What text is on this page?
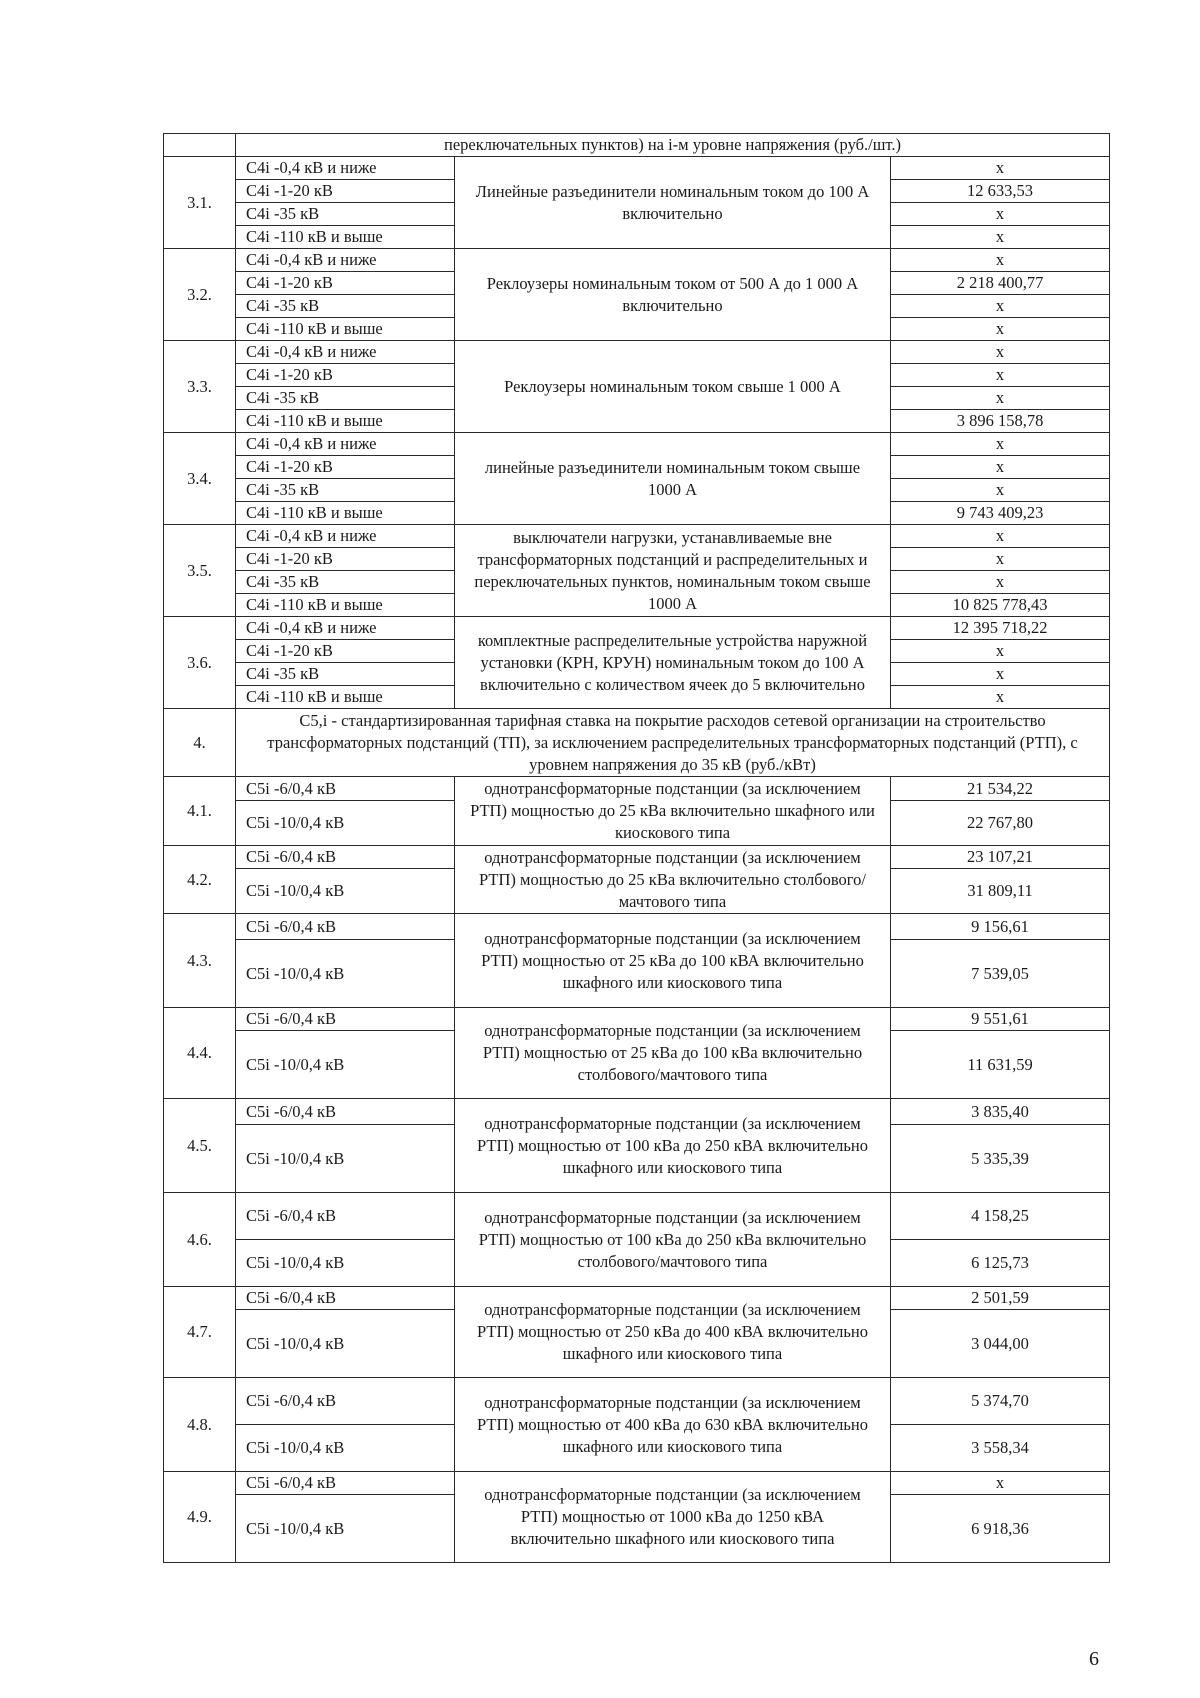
	переключательных пунктов) на i-м уровне напряжения (руб./шт.)		
3.1.	C4i -0,4 кВ и ниже	Линейные разъединители номинальным током до 100 А включительно	x
	C4i -1-20 кВ		12 633,53
	C4i -35 кВ		x
	C4i -110 кВ и выше		x
3.2.	C4i -0,4 кВ и ниже	Реклоузеры номинальным током от 500 А до 1 000 А включительно	x
	C4i -1-20 кВ		2 218 400,77
	C4i -35 кВ		x
	C4i -110 кВ и выше		x
3.3.	C4i -0,4 кВ и ниже	Реклоузеры номинальным током свыше 1 000 А	x
	C4i -1-20 кВ		x
	C4i -35 кВ		x
	C4i -110 кВ и выше		3 896 158,78
3.4.	C4i -0,4 кВ и ниже	линейные разъединители номинальным током свыше 1000 А	x
	C4i -1-20 кВ		x
	C4i -35 кВ		x
	C4i -110 кВ и выше		9 743 409,23
3.5.	C4i -0,4 кВ и ниже	выключатели нагрузки, устанавливаемые вне трансформаторных подстанций и распределительных и переключательных пунктов, номинальным током свыше 1000 А	x
	C4i -1-20 кВ		x
	C4i -35 кВ		x
	C4i -110 кВ и выше		10 825 778,43
3.6.	C4i -0,4 кВ и ниже	комплектные распределительные устройства наружной установки (КРН, КРУН) номинальным током до 100 А включительно с количеством ячеек до 5 включительно	12 395 718,22
	C4i -1-20 кВ		x
	C4i -35 кВ		x
	C4i -110 кВ и выше		x
4.	C5,i - стандартизированная тарифная ставка на покрытие расходов сетевой организации на строительство трансформаторных подстанций (ТП), за исключением распределительных трансформаторных подстанций (РТП), с уровнем напряжения до 35 кВ (руб./кВт)		
4.1.	C5i -6/0,4 кВ	однотрансформаторные подстанции (за исключением РТП) мощностью до 25 кВа включительно шкафного или киоскового типа	21 534,22
	C5i -10/0,4 кВ		22 767,80
4.2.	C5i -6/0,4 кВ	однотрансформаторные подстанции (за исключением РТП) мощностью до 25 кВа включительно столбового/мачтового типа	23 107,21
	C5i -10/0,4 кВ		31 809,11
4.3.	C5i -6/0,4 кВ	однотрансформаторные подстанции (за исключением РТП) мощностью от 25 кВа до 100 кВА включительно шкафного или киоскового типа	9 156,61
	C5i -10/0,4 кВ		7 539,05
4.4.	C5i -6/0,4 кВ	однотрансформаторные подстанции (за исключением РТП) мощностью от 25 кВа до 100 кВа включительно столбового/мачтового типа	9 551,61
	C5i -10/0,4 кВ		11 631,59
4.5.	C5i -6/0,4 кВ	однотрансформаторные подстанции (за исключением РТП) мощностью от 100 кВа до 250 кВА включительно шкафного или киоскового типа	3 835,40
	C5i -10/0,4 кВ		5 335,39
4.6.	C5i -6/0,4 кВ	однотрансформаторные подстанции (за исключением РТП) мощностью от 100 кВа до 250 кВа включительно столбового/мачтового типа	4 158,25
	C5i -10/0,4 кВ		6 125,73
4.7.	C5i -6/0,4 кВ	однотрансформаторные подстанции (за исключением РТП) мощностью от 250 кВа до 400 кВА включительно шкафного или киоскового типа	2 501,59
	C5i -10/0,4 кВ		3 044,00
4.8.	C5i -6/0,4 кВ	однотрансформаторные подстанции (за исключением РТП) мощностью от 400 кВа до 630 кВА включительно шкафного или киоскового типа	5 374,70
	C5i -10/0,4 кВ		3 558,34
4.9.	C5i -6/0,4 кВ	однотрансформаторные подстанции (за исключением РТП) мощностью от 1000 кВа до 1250 кВА включительно шкафного или киоскового типа	x
	C5i -10/0,4 кВ		6 918,36
6
